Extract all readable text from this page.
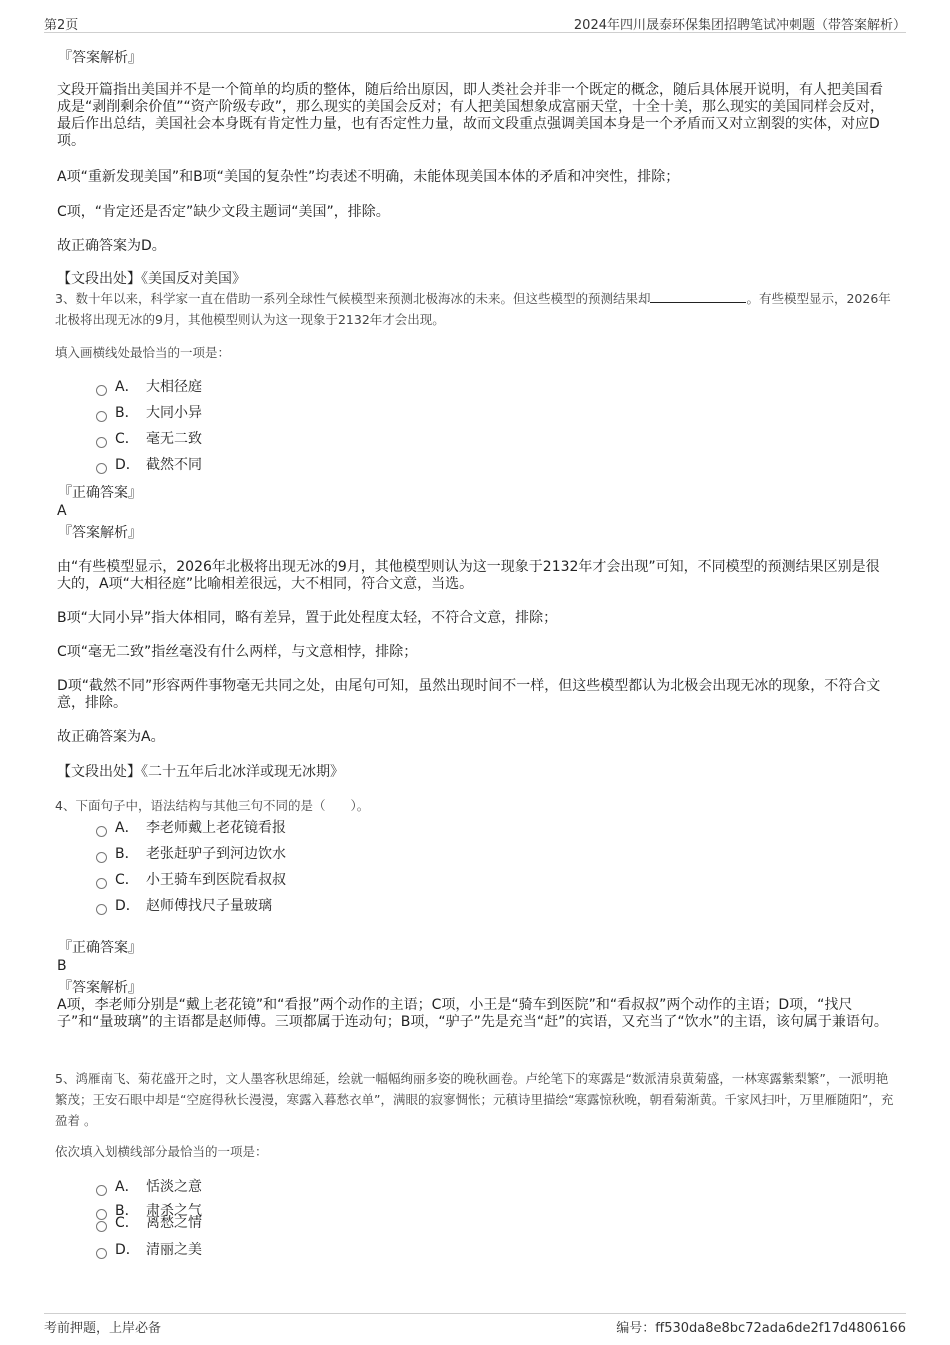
第2页	2024年四川晟泰环保集团招聘笔试冲刺题（带答案解析）

『答案解析』

文段开篇指出美国并不是一个简单的均质的整体，随后给出原因，即人类社会并非一个既定的概念，随后具体展开说明，有人把美国看成是“剥削剩余价值”“资产阶级专政”，那么现实的美国会反对；有人把美国想象成富丽天堂，十全十美，那么现实的美国同样会反对，最后作出总结，美国社会本身既有肯定性力量，也有否定性力量，故而文段重点强调美国本身是一个矛盾而又对立割裂的实体，对应D项。

A项“重新发现美国”和B项“美国的复杂性”均表述不明确，未能体现美国本体的矛盾和冲突性，排除；

C项，“肯定还是否定”缺少文段主题词“美国”，排除。

故正确答案为D。

【文段出处】《美国反对美国》

3、数十年以来，科学家一直在借助一系列全球性气候模型来预测北极海冰的未来。但这些模型的预测结果却	。有些模型显示，2026年北极将出现无冰的9月，其他模型则认为这一现象于2132年才会出现。

填入画横线处最恰当的一项是：

A． 大相径庭
B． 大同小异
C． 毫无二致
D． 截然不同

『正确答案』

A

『答案解析』

由“有些模型显示，2026年北极将出现无冰的9月，其他模型则认为这一现象于2132年才会出现”可知，不同模型的预测结果区别是很大的，A项“大相径庭”比喻相差很远，大不相同，符合文意，当选。

B项“大同小异”指大体相同，略有差异，置于此处程度太轻，不符合文意，排除；

C项“毫无二致”指丝毫没有什么两样，与文意相悖，排除；

D项“截然不同”形容两件事物毫无共同之处，由尾句可知，虽然出现时间不一样，但这些模型都认为北极会出现无冰的现象，不符合文意，排除。

故正确答案为A。

【文段出处】《二十五年后北冰洋或现无冰期》

4、下面句子中，语法结构与其他三句不同的是（　　）。

A． 李老师戴上老花镜看报
B． 老张赶驴子到河边饮水
C． 小王骑车到医院看叔叔
D． 赵师傅找尺子量玻璃

『正确答案』

B

『答案解析』

A项，李老师分别是“戴上老花镜”和“看报”两个动作的主语；C项，小王是“骑车到医院”和“看叔叔”两个动作的主语；D项，“找尺子”和“量玻璃”的主语都是赵师傅。三项都属于连动句；B项，“驴子”先是充当“赶”的宾语，又充当了“饮水”的主语，该句属于兼语句。

5、鸿雁南飞、菊花盛开之时，文人墨客秋思绵延，绘就一幅幅绚丽多姿的晚秋画卷。卢纶笔下的寒露是“数派清泉黄菊盛，一林寒露紫梨繁”，一派明艳繁茂；王安石眼中却是“空庭得秋长漫漫，寒露入暮愁衣单”，满眼的寂寥惆怅；元稹诗里描绘“寒露惊秋晚，朝看菊渐黄。千家风扫叶，万里雁随阳”，充盈着 。

依次填入划横线部分最恰当的一项是：

A． 恬淡之意
B． 肃杀之气
C． 离愁之情
D． 清丽之美
考前押题，上岸必备	编号：ff530da8e8bc72ada6de2f17d4806166
